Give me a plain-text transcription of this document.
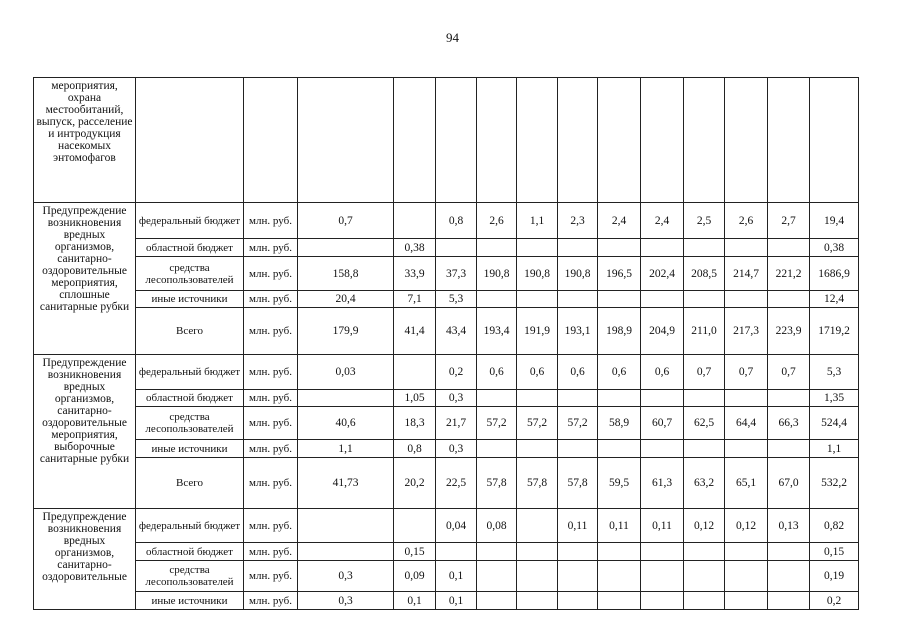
94
мероприятия, охрана местообитаний, выпуск, расселение и интродукция насекомых энтомофагов														
Предупреждение возникновения вредных организмов, санитарно-оздоровительные мероприятия, сплошные санитарные рубки	федеральный бюджет	млн. руб.	0,7		0,8	2,6	1,1	2,3	2,4	2,4	2,5	2,6	2,7	19,4
	областной бюджет	млн. руб.		0,38										0,38
	средства лесопользователей	млн. руб.	158,8	33,9	37,3	190,8	190,8	190,8	196,5	202,4	208,5	214,7	221,2	1686,9
	иные источники	млн. руб.	20,4	7,1	5,3									12,4
	Всего	млн. руб.	179,9	41,4	43,4	193,4	191,9	193,1	198,9	204,9	211,0	217,3	223,9	1719,2
Предупреждение возникновения вредных организмов, санитарно-оздоровительные мероприятия, выборочные санитарные рубки	федеральный бюджет	млн. руб.	0,03		0,2	0,6	0,6	0,6	0,6	0,6	0,7	0,7	0,7	5,3
	областной бюджет	млн. руб.		1,05	0,3									1,35
	средства лесопользователей	млн. руб.	40,6	18,3	21,7	57,2	57,2	57,2	58,9	60,7	62,5	64,4	66,3	524,4
	иные источники	млн. руб.	1,1	0,8	0,3									1,1
	Всего	млн. руб.	41,73	20,2	22,5	57,8	57,8	57,8	59,5	61,3	63,2	65,1	67,0	532,2
Предупреждение возникновения вредных организмов, санитарно-оздоровительные	федеральный бюджет	млн. руб.			0,04	0,08		0,11	0,11	0,11	0,12	0,12	0,13	0,82
	областной бюджет	млн. руб.		0,15										0,15
	средства лесопользователей	млн. руб.	0,3	0,09	0,1									0,19
	иные источники	млн. руб.	0,3	0,1	0,1									0,2
